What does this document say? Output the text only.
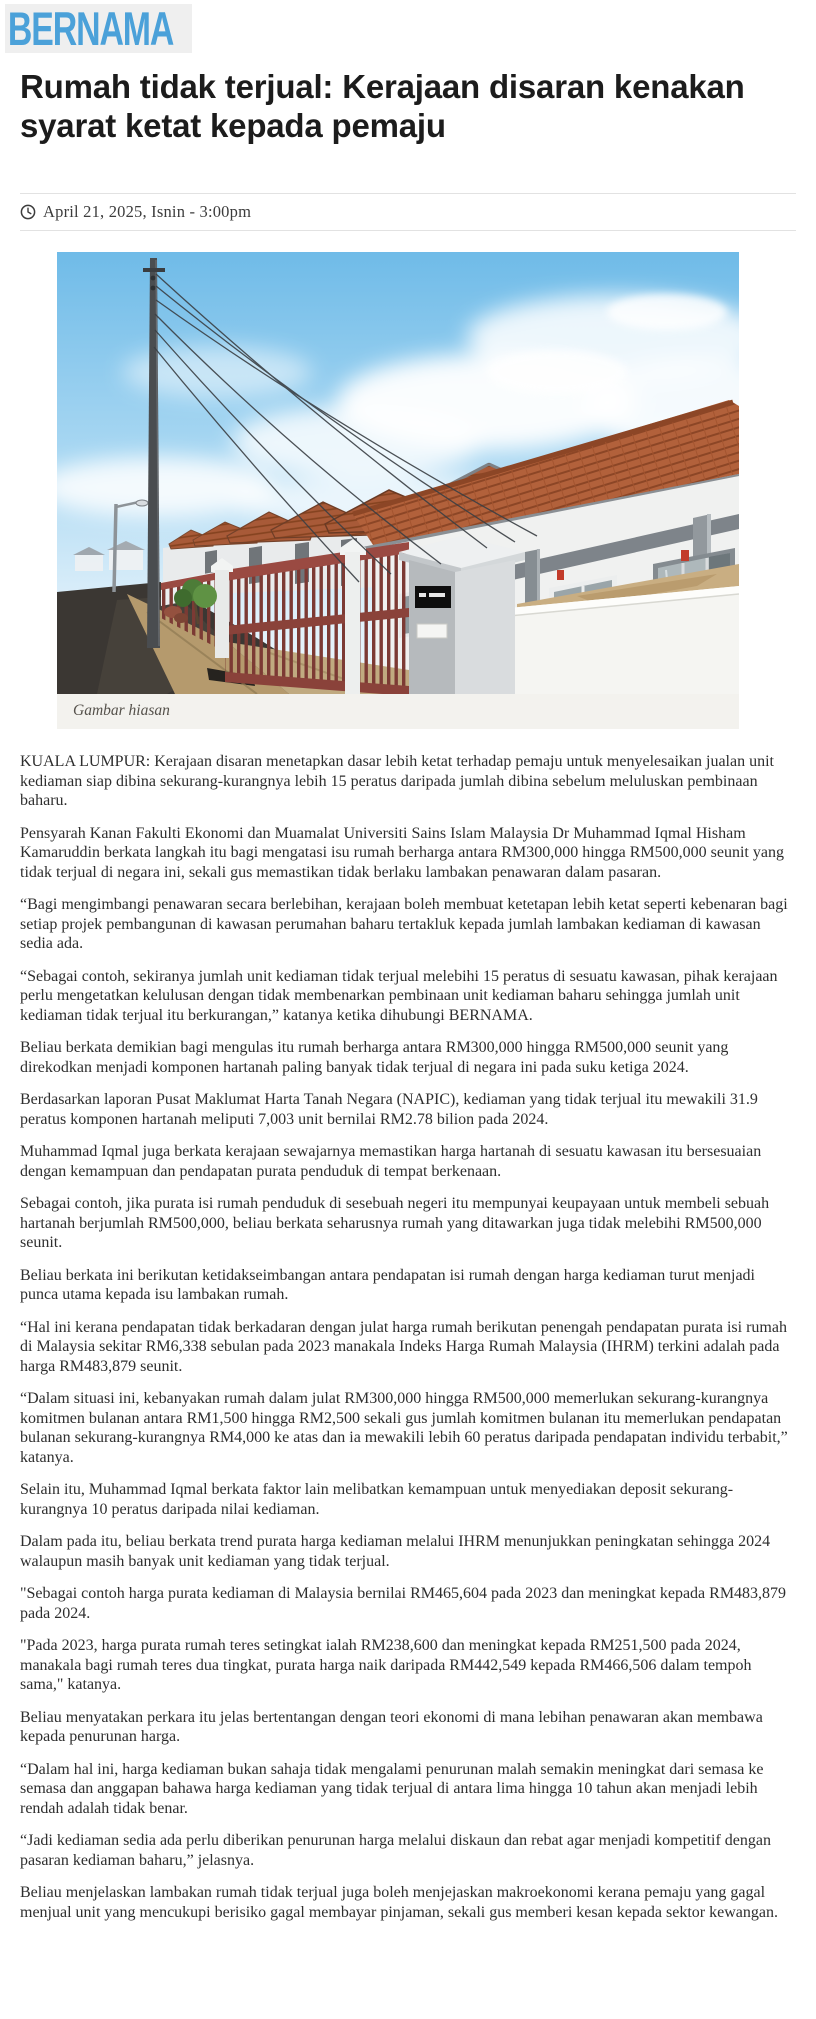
BERNAMA
Rumah tidak terjual: Kerajaan disaran kenakan syarat ketat kepada pemaju
April 21, 2025, Isnin - 3:00pm
Gambar hiasan

KUALA LUMPUR: Kerajaan disaran menetapkan dasar lebih ketat terhadap pemaju untuk menyelesaikan jualan unit kediaman siap dibina sekurang-kurangnya lebih 15 peratus daripada jumlah dibina sebelum meluluskan pembinaan baharu.

Pensyarah Kanan Fakulti Ekonomi dan Muamalat Universiti Sains Islam Malaysia Dr Muhammad Iqmal Hisham Kamaruddin berkata langkah itu bagi mengatasi isu rumah berharga antara RM300,000 hingga RM500,000 seunit yang tidak terjual di negara ini, sekali gus memastikan tidak berlaku lambakan penawaran dalam pasaran.

“Bagi mengimbangi penawaran secara berlebihan, kerajaan boleh membuat ketetapan lebih ketat seperti kebenaran bagi setiap projek pembangunan di kawasan perumahan baharu tertakluk kepada jumlah lambakan kediaman di kawasan sedia ada.

“Sebagai contoh, sekiranya jumlah unit kediaman tidak terjual melebihi 15 peratus di sesuatu kawasan, pihak kerajaan perlu mengetatkan kelulusan dengan tidak membenarkan pembinaan unit kediaman baharu sehingga jumlah unit kediaman tidak terjual itu berkurangan,” katanya ketika dihubungi BERNAMA.

Beliau berkata demikian bagi mengulas itu rumah berharga antara RM300,000 hingga RM500,000 seunit yang direkodkan menjadi komponen hartanah paling banyak tidak terjual di negara ini pada suku ketiga 2024.

Berdasarkan laporan Pusat Maklumat Harta Tanah Negara (NAPIC), kediaman yang tidak terjual itu mewakili 31.9 peratus komponen hartanah meliputi 7,003 unit bernilai RM2.78 bilion pada 2024.

Muhammad Iqmal juga berkata kerajaan sewajarnya memastikan harga hartanah di sesuatu kawasan itu bersesuaian dengan kemampuan dan pendapatan purata penduduk di tempat berkenaan.

Sebagai contoh, jika purata isi rumah penduduk di sesebuah negeri itu mempunyai keupayaan untuk membeli sebuah hartanah berjumlah RM500,000, beliau berkata seharusnya rumah yang ditawarkan juga tidak melebihi RM500,000 seunit.

Beliau berkata ini berikutan ketidakseimbangan antara pendapatan isi rumah dengan harga kediaman turut menjadi punca utama kepada isu lambakan rumah.

“Hal ini kerana pendapatan tidak berkadaran dengan julat harga rumah berikutan penengah pendapatan purata isi rumah di Malaysia sekitar RM6,338 sebulan pada 2023 manakala Indeks Harga Rumah Malaysia (IHRM) terkini adalah pada harga RM483,879 seunit.

“Dalam situasi ini, kebanyakan rumah dalam julat RM300,000 hingga RM500,000 memerlukan sekurang-kurangnya komitmen bulanan antara RM1,500 hingga RM2,500 sekali gus jumlah komitmen bulanan itu memerlukan pendapatan bulanan sekurang-kurangnya RM4,000 ke atas dan ia mewakili lebih 60 peratus daripada pendapatan individu terbabit,” katanya.

Selain itu, Muhammad Iqmal berkata faktor lain melibatkan kemampuan untuk menyediakan deposit sekurang-kurangnya 10 peratus daripada nilai kediaman.

Dalam pada itu, beliau berkata trend purata harga kediaman melalui IHRM menunjukkan peningkatan sehingga 2024 walaupun masih banyak unit kediaman yang tidak terjual.

"Sebagai contoh harga purata kediaman di Malaysia bernilai RM465,604 pada 2023 dan meningkat kepada RM483,879 pada 2024.

"Pada 2023, harga purata rumah teres setingkat ialah RM238,600 dan meningkat kepada RM251,500 pada 2024, manakala bagi rumah teres dua tingkat, purata harga naik daripada RM442,549 kepada RM466,506 dalam tempoh sama," katanya.

Beliau menyatakan perkara itu jelas bertentangan dengan teori ekonomi di mana lebihan penawaran akan membawa kepada penurunan harga.

“Dalam hal ini, harga kediaman bukan sahaja tidak mengalami penurunan malah semakin meningkat dari semasa ke semasa dan anggapan bahawa harga kediaman yang tidak terjual di antara lima hingga 10 tahun akan menjadi lebih rendah adalah tidak benar.

“Jadi kediaman sedia ada perlu diberikan penurunan harga melalui diskaun dan rebat agar menjadi kompetitif dengan pasaran kediaman baharu,” jelasnya.

Beliau menjelaskan lambakan rumah tidak terjual juga boleh menjejaskan makroekonomi kerana pemaju yang gagal menjual unit yang mencukupi berisiko gagal membayar pinjaman, sekali gus memberi kesan kepada sektor kewangan.
